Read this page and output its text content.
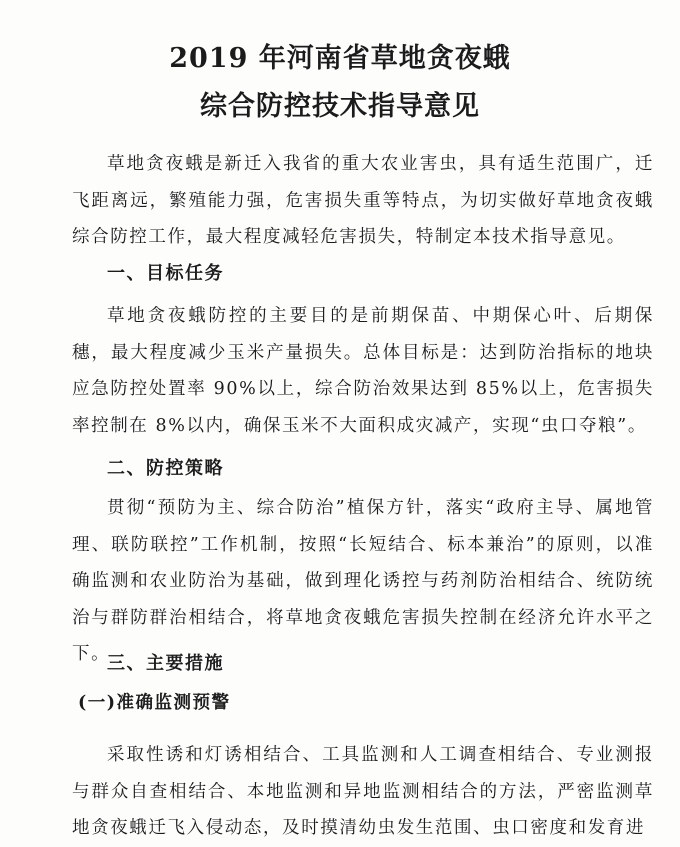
2019 年河南省草地贪夜蛾
综合防控技术指导意见

草地贪夜蛾是新迁入我省的重大农业害虫，具有适生范围广，迁飞距离远，繁殖能力强，危害损失重等特点，为切实做好草地贪夜蛾综合防控工作，最大程度减轻危害损失，特制定本技术指导意见。

一、目标任务

草地贪夜蛾防控的主要目的是前期保苗、中期保心叶、后期保穗，最大程度减少玉米产量损失。总体目标是：达到防治指标的地块应急防控处置率 90%以上，综合防治效果达到 85%以上，危害损失率控制在 8%以内，确保玉米不大面积成灾减产，实现“虫口夺粮”。

二、防控策略

贯彻“预防为主、综合防治”植保方针，落实“政府主导、属地管理、联防联控”工作机制，按照“长短结合、标本兼治”的原则，以准确监测和农业防治为基础，做到理化诱控与药剂防治相结合、统防统治与群防群治相结合，将草地贪夜蛾危害损失控制在经济允许水平之下。

三、主要措施
(一)准确监测预警

采取性诱和灯诱相结合、工具监测和人工调查相结合、专业测报与群众自查相结合、本地监测和异地监测相结合的方法，严密监测草地贪夜蛾迁飞入侵动态，及时摸清幼虫发生范围、虫口密度和发育进
